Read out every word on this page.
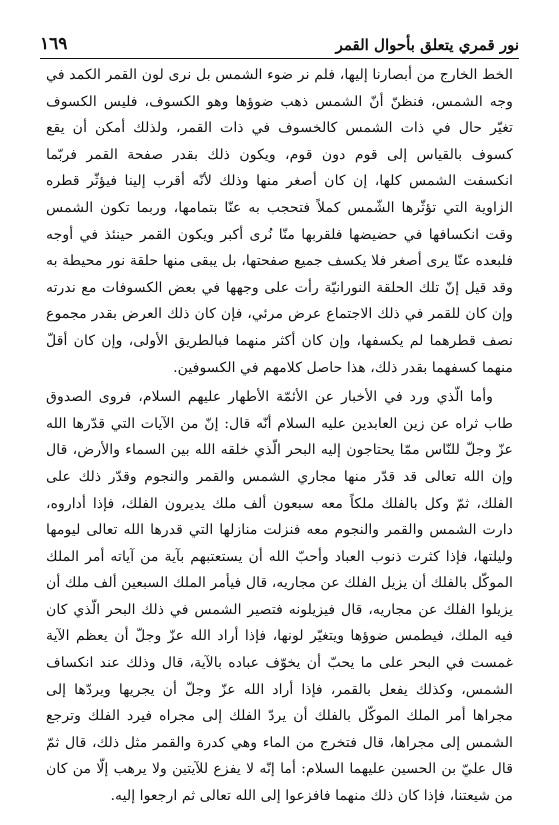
نور قمري يتعلق بأحوال القمر
١٦٩

الخط الخارج من أبصارنا إليها، فلم نر ضوء الشمس بل نرى لون القمر الكمد في وجه الشمس، فنظنّ أنّ الشمس ذهب ضوؤها وهو الكسوف، فليس الكسوف تغيّر حال في ذات الشمس كالخسوف في ذات القمر، ولذلك أمكن أن يقع كسوف بالقياس إلى قوم دون قوم، ويكون ذلك بقدر صفحة القمر فربّما انكسفت الشمس كلها، إن كان أصغر منها وذلك لأنّه أقرب إلينا فيؤثّر قطره الزاوية التي تؤثّرها الشّمس كملاً فتحجب به عنّا بتمامها، وربما تكون الشمس وقت انكسافها في حضيضها فلقربها منّا نُرى أكبر ويكون القمر حينئذ في أوجه فلبعده عنّا يرى أصغر فلا يكسف جميع صفحتها، بل يبقى منها حلقة نور محيطة به وقد قيل إنّ تلك الحلقة النورانيّة رأت على وجهها في بعض الكسوفات مع ندرته وإن كان للقمر في ذلك الاجتماع عرض مرئي، فإن كان ذلك العرض بقدر مجموع نصف قطرهما لم يكسفها، وإن كان أكثر منهما فبالطريق الأولى، وإن كان أقلّ منهما كسفهما بقدر ذلك، هذا حاصل كلامهم في الكسوفين.

وأما الّذي ورد في الأخبار عن الأئمّة الأطهار عليهم السلام، فروى الصدوق طاب ثراه عن زين العابدين عليه السلام أنّه قال: إنّ من الآيات التي قدّرها الله عزّ وجلّ للنّاس ممّا يحتاجون إليه البحر الّذي خلقه الله بين السماء والأرض، قال وإن الله تعالى قد قدّر منها مجاري الشمس والقمر والنجوم وقدّر ذلك على الفلك، ثمّ وكل بالفلك ملكاً معه سبعون ألف ملك يديرون الفلك، فإذا أداروه، دارت الشمس والقمر والنجوم معه فنزلت منازلها التي قدرها الله تعالى ليومها وليلتها، فإذا كثرت ذنوب العباد وأحبّ الله أن يستعتبهم بآية من آياته أمر الملك الموكّل بالفلك أن يزيل الفلك عن مجاريه، قال فيأمر الملك السبعين ألف ملك أن يزيلوا الفلك عن مجاريه، قال فيزيلونه فتصير الشمس في ذلك البحر الّذي كان فيه الملك، فيطمس ضوؤها ويتغيّر لونها، فإذا أراد الله عزّ وجلّ أن يعظم الآية غمست في البحر على ما يحبّ أن يخوّف عباده بالآية، قال وذلك عند انكساف الشمس، وكذلك يفعل بالقمر، فإذا أراد الله عزّ وجلّ أن يجريها ويردّها إلى مجراها أمر الملك الموكّل بالفلك أن يردّ الفلك إلى مجراه فيرد الفلك وترجع الشمس إلى مجراها، قال فتخرج من الماء وهي كدرة والقمر مثل ذلك، قال ثمّ قال عليّ بن الحسين عليهما السلام: أما إنّه لا يفزع للآيتين ولا يرهب إلّا من كان من شيعتنا، فإذا كان ذلك منهما فافزعوا إلى الله تعالى ثم ارجعوا إليه.
